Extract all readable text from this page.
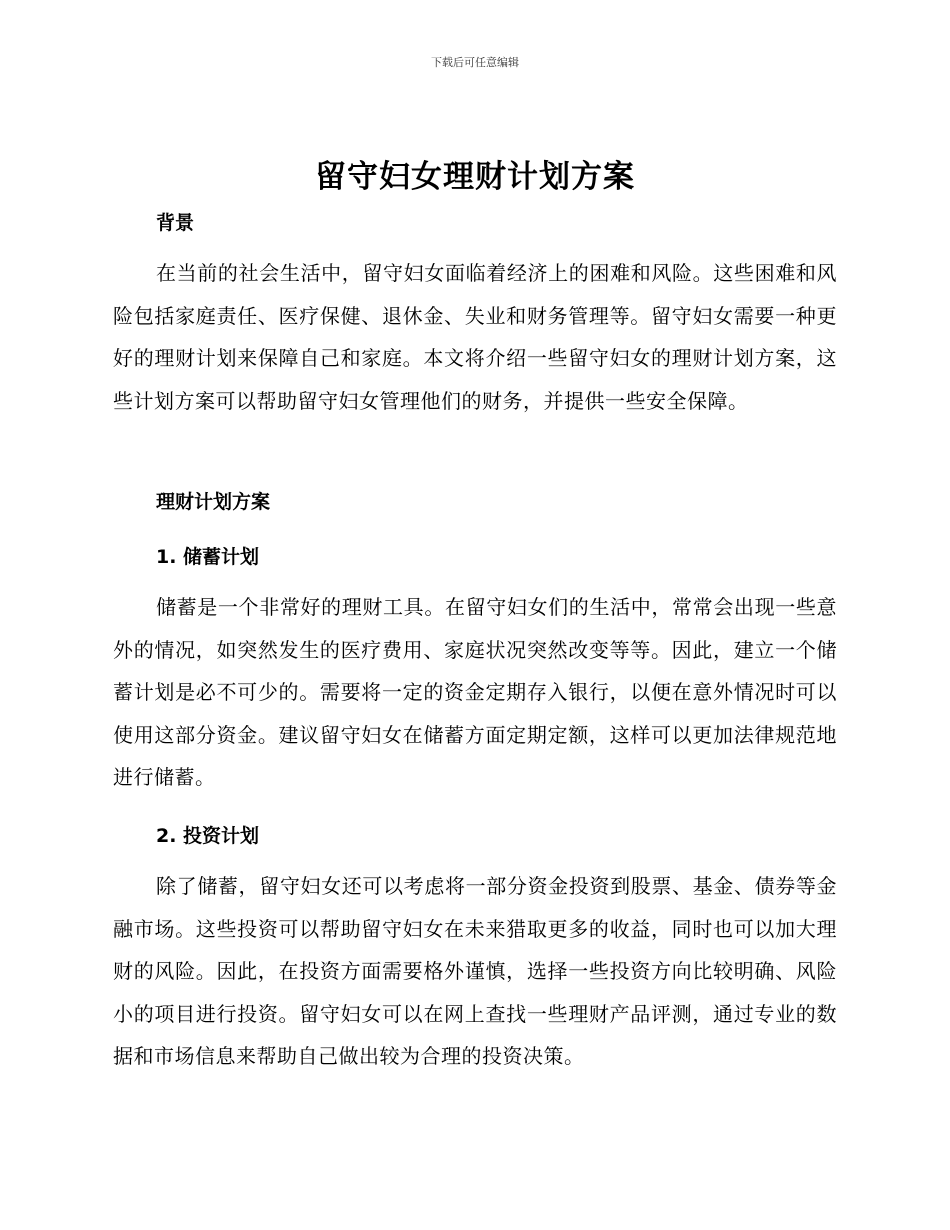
下载后可任意编辑
留守妇女理财计划方案
背景
在当前的社会生活中，留守妇女面临着经济上的困难和风险。这些困难和风险包括家庭责任、医疗保健、退休金、失业和财务管理等。留守妇女需要一种更好的理财计划来保障自己和家庭。本文将介绍一些留守妇女的理财计划方案，这些计划方案可以帮助留守妇女管理他们的财务，并提供一些安全保障。
理财计划方案
1. 储蓄计划
储蓄是一个非常好的理财工具。在留守妇女们的生活中，常常会出现一些意外的情况，如突然发生的医疗费用、家庭状况突然改变等等。因此，建立一个储蓄计划是必不可少的。需要将一定的资金定期存入银行，以便在意外情况时可以使用这部分资金。建议留守妇女在储蓄方面定期定额，这样可以更加法律规范地进行储蓄。
2. 投资计划
除了储蓄，留守妇女还可以考虑将一部分资金投资到股票、基金、债券等金融市场。这些投资可以帮助留守妇女在未来猎取更多的收益，同时也可以加大理财的风险。因此，在投资方面需要格外谨慎，选择一些投资方向比较明确、风险小的项目进行投资。留守妇女可以在网上查找一些理财产品评测，通过专业的数据和市场信息来帮助自己做出较为合理的投资决策。
